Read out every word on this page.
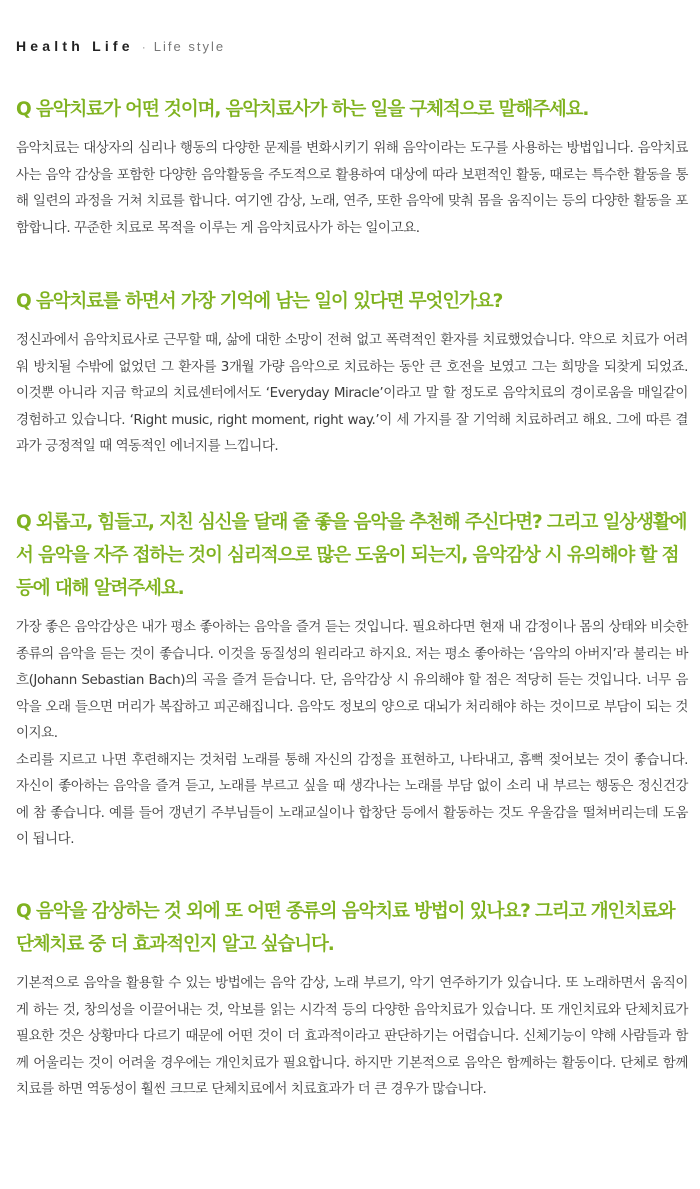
Health Life · Life style
Q 음악치료가 어떤 것이며, 음악치료사가 하는 일을 구체적으로 말해주세요.

음악치료는 대상자의 심리나 행동의 다양한 문제를 변화시키기 위해 음악이라는 도구를 사용하는 방법입니다. 음악치료사는 음악 감상을 포함한 다양한 음악활동을 주도적으로 활용하여 대상에 따라 보편적인 활동, 때로는 특수한 활동을 통해 일련의 과정을 거쳐 치료를 합니다. 여기엔 감상, 노래, 연주, 또한 음악에 맞춰 몸을 움직이는 등의 다양한 활동을 포함합니다. 꾸준한 치료로 목적을 이루는 게 음악치료사가 하는 일이고요.

Q 음악치료를 하면서 가장 기억에 남는 일이 있다면 무엇인가요?

정신과에서 음악치료사로 근무할 때, 삶에 대한 소망이 전혀 없고 폭력적인 환자를 치료했었습니다. 약으로 치료가 어려워 방치될 수밖에 없었던 그 환자를 3개월 가량 음악으로 치료하는 동안 큰 호전을 보였고 그는 희망을 되찾게 되었죠. 이것뿐 아니라 지금 학교의 치료센터에서도 ‘Everyday Miracle’이라고 말 할 정도로 음악치료의 경이로움을 매일같이 경험하고 있습니다. ‘Right music, right moment, right way.’이 세 가지를 잘 기억해 치료하려고 해요. 그에 따른 결과가 긍정적일 때 역동적인 에너지를 느낍니다.

Q 외롭고, 힘들고, 지친 심신을 달래 줄 좋을 음악을 추천해 주신다면? 그리고 일상생활에서 음악을 자주 접하는 것이 심리적으로 많은 도움이 되는지, 음악감상 시 유의해야 할 점 등에 대해 알려주세요.

가장 좋은 음악감상은 내가 평소 좋아하는 음악을 즐겨 듣는 것입니다. 필요하다면 현재 내 감정이나 몸의 상태와 비슷한 종류의 음악을 듣는 것이 좋습니다. 이것을 동질성의 원리라고 하지요. 저는 평소 좋아하는 ‘음악의 아버지’라 불리는 바흐(Johann Sebastian Bach)의 곡을 즐겨 듣습니다. 단, 음악감상 시 유의해야 할 점은 적당히 듣는 것입니다. 너무 음악을 오래 들으면 머리가 복잡하고 피곤해집니다. 음악도 정보의 양으로 대뇌가 처리해야 하는 것이므로 부담이 되는 것이지요.

소리를 지르고 나면 후련해지는 것처럼 노래를 통해 자신의 감정을 표현하고, 나타내고, 흠뻑 젖어보는 것이 좋습니다. 자신이 좋아하는 음악을 즐겨 듣고, 노래를 부르고 싶을 때 생각나는 노래를 부담 없이 소리 내 부르는 행동은 정신건강에 참 좋습니다. 예를 들어 갱년기 주부님들이 노래교실이나 합창단 등에서 활동하는 것도 우울감을 떨쳐버리는데 도움이 됩니다.

Q 음악을 감상하는 것 외에 또 어떤 종류의 음악치료 방법이 있나요? 그리고 개인치료와 단체치료 중 더 효과적인지 알고 싶습니다.

기본적으로 음악을 활용할 수 있는 방법에는 음악 감상, 노래 부르기, 악기 연주하기가 있습니다. 또 노래하면서 움직이게 하는 것, 창의성을 이끌어내는 것, 악보를 읽는 시각적 등의 다양한 음악치료가 있습니다. 또 개인치료와 단체치료가 필요한 것은 상황마다 다르기 때문에 어떤 것이 더 효과적이라고 판단하기는 어렵습니다. 신체기능이 약해 사람들과 함께 어울리는 것이 어려울 경우에는 개인치료가 필요합니다. 하지만 기본적으로 음악은 함께하는 활동이다. 단체로 함께 치료를 하면 역동성이 훨씬 크므로 단체치료에서 치료효과가 더 큰 경우가 많습니다.
